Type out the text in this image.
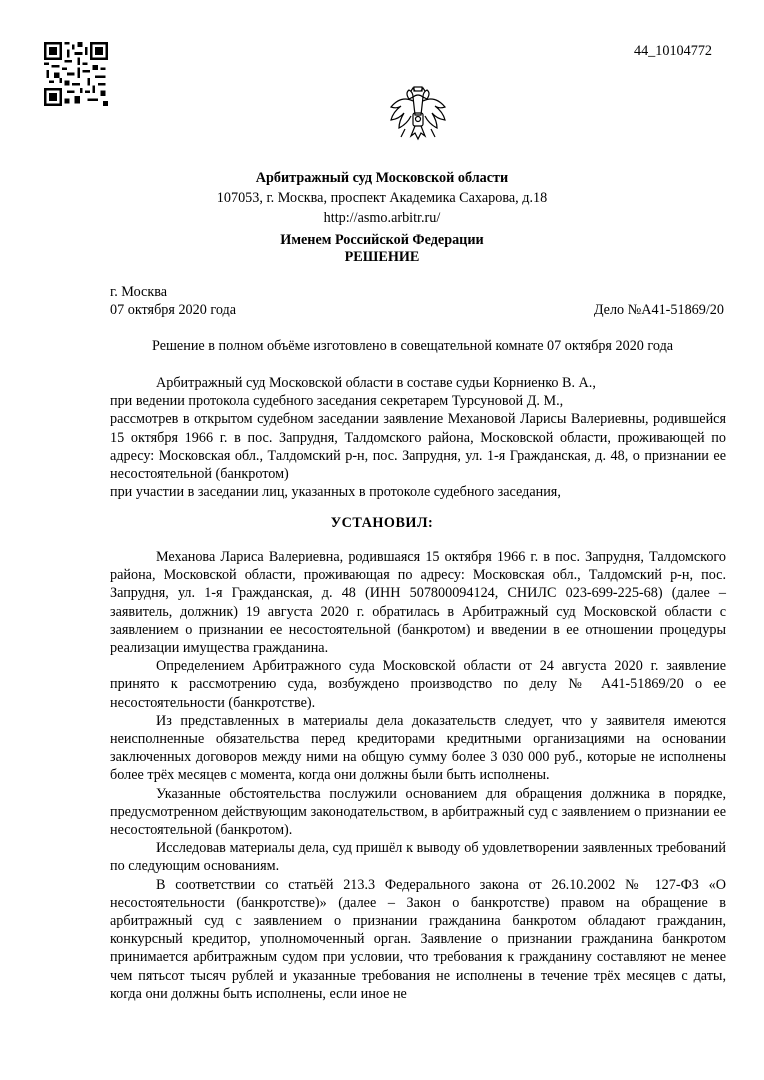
44_10104772
Арбитражный суд Московской области
107053, г. Москва, проспект Академика Сахарова, д.18
http://asmo.arbitr.ru/
Именем Российской Федерации
РЕШЕНИЕ
г. Москва
07 октября 2020 года	Дело №А41-51869/20
Решение в полном объёме изготовлено в совещательной комнате 07 октября 2020 года

Арбитражный суд Московской области в составе судьи Корниенко В. А.,

при ведении протокола судебного заседания секретарем Турсуновой Д. М.,

рассмотрев в открытом судебном заседании заявление Механовой Ларисы Валериевны, родившейся 15 октября 1966 г. в пос. Запрудня, Талдомского района, Московской области, проживающей по адресу: Московская обл., Талдомский р-н, пос. Запрудня, ул. 1-я Гражданская, д. 48, о признании ее несостоятельной (банкротом)

при участии в заседании лиц, указанных в протоколе судебного заседания,

УСТАНОВИЛ:

Механова Лариса Валериевна, родившаяся 15 октября 1966 г. в пос. Запрудня, Талдомского района, Московской области, проживающая по адресу: Московская обл., Талдомский р-н, пос. Запрудня, ул. 1-я Гражданская, д. 48 (ИНН 507800094124, СНИЛС 023-699-225-68) (далее – заявитель, должник) 19 августа 2020 г. обратилась в Арбитражный суд Московской области с заявлением о признании ее несостоятельной (банкротом) и введении в ее отношении процедуры реализации имущества гражданина.

Определением Арбитражного суда Московской области от 24 августа 2020 г. заявление принято к рассмотрению суда, возбуждено производство по делу № А41-51869/20 о ее несостоятельности (банкротстве).

Из представленных в материалы дела доказательств следует, что у заявителя имеются неисполненные обязательства перед кредиторами кредитными организациями на основании заключенных договоров между ними на общую сумму более 3 030 000 руб., которые не исполнены более трёх месяцев с момента, когда они должны были быть исполнены.

Указанные обстоятельства послужили основанием для обращения должника в порядке, предусмотренном действующим законодательством, в арбитражный суд с заявлением о признании ее несостоятельной (банкротом).

Исследовав материалы дела, суд пришёл к выводу об удовлетворении заявленных требований по следующим основаниям.

В соответствии со статьёй 213.3 Федерального закона от 26.10.2002 № 127-ФЗ «О несостоятельности (банкротстве)» (далее – Закон о банкротстве) правом на обращение в арбитражный суд с заявлением о признании гражданина банкротом обладают гражданин, конкурсный кредитор, уполномоченный орган. Заявление о признании гражданина банкротом принимается арбитражным судом при условии, что требования к гражданину составляют не менее чем пятьсот тысяч рублей и указанные требования не исполнены в течение трёх месяцев с даты, когда они должны быть исполнены, если иное не
